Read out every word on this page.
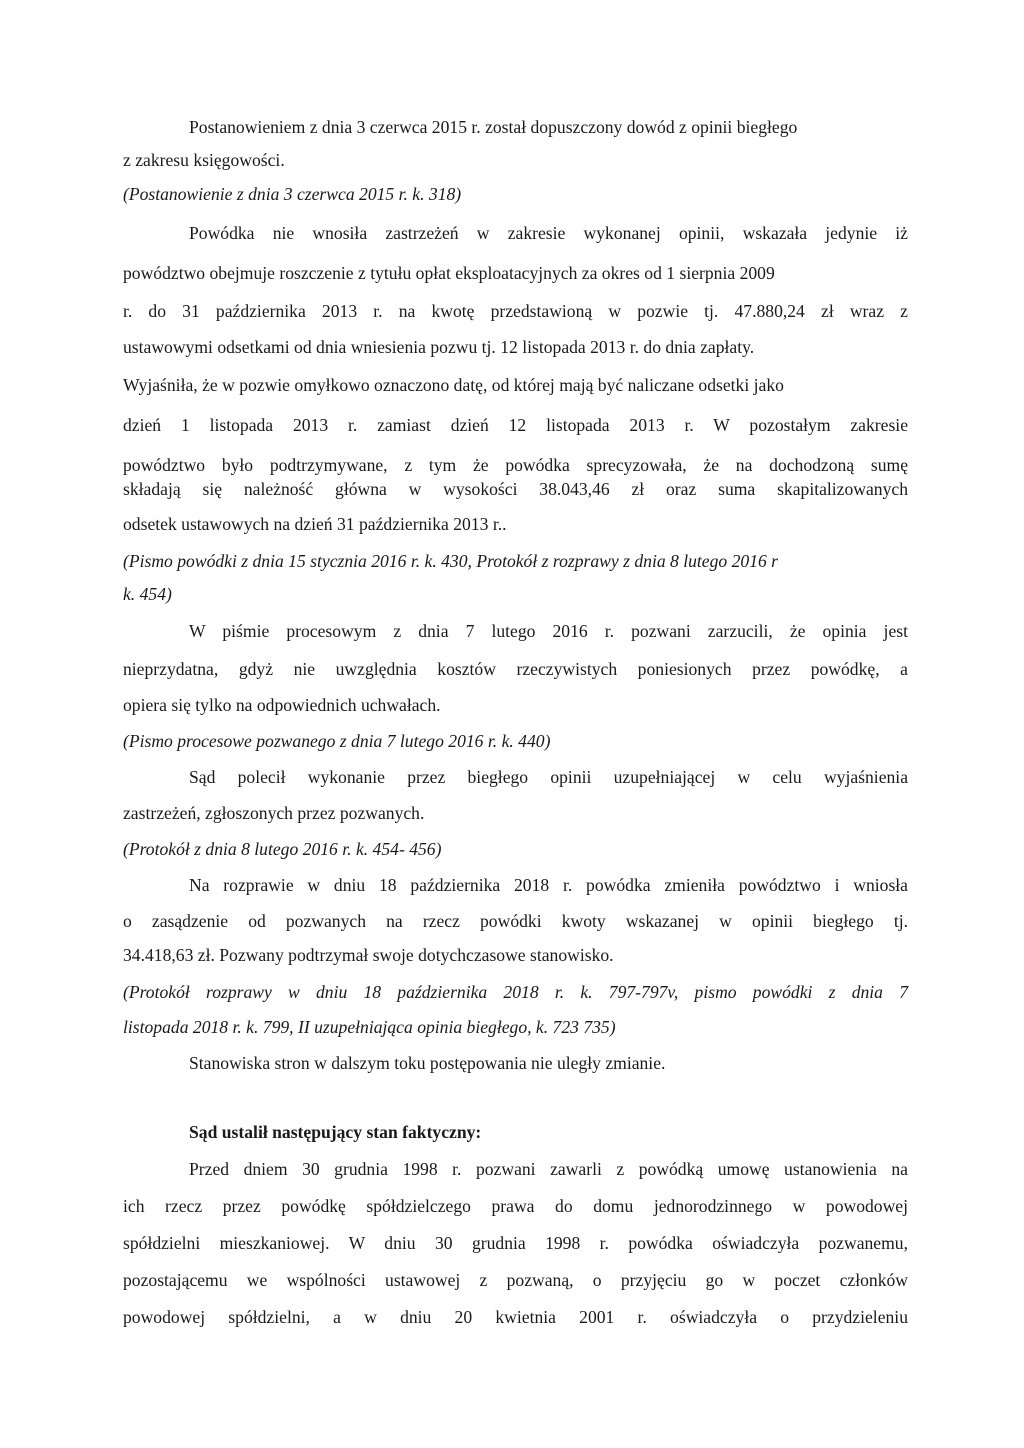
Postanowieniem z dnia 3 czerwca 2015 r. został dopuszczony dowód z opinii biegłego
z zakresu księgowości.
(Postanowienie z dnia 3 czerwca 2015 r. k. 318)
Powódka nie wnosiła zastrzeżeń w zakresie wykonanej opinii, wskazała jedynie iż
powództwo obejmuje roszczenie z tytułu opłat eksploatacyjnych za okres od 1 sierpnia 2009
r. do 31 października 2013 r. na kwotę przedstawioną w pozwie tj. 47.880,24 zł wraz z
ustawowymi odsetkami od dnia wniesienia pozwu tj. 12 listopada 2013 r. do dnia zapłaty.
Wyjaśniła, że w pozwie omyłkowo oznaczono datę, od której mają być naliczane odsetki jako
dzień 1 listopada 2013 r. zamiast dzień 12 listopada 2013 r. W pozostałym zakresie
powództwo było podtrzymywane, z tym że powódka sprecyzowała, że na dochodzoną sumę
składają się należność główna w wysokości 38.043,46 zł oraz suma skapitalizowanych
odsetek ustawowych na dzień 31 października 2013 r..
(Pismo powódki z dnia 15 stycznia 2016 r. k. 430, Protokół z rozprawy z dnia 8 lutego 2016 r
k. 454)
W piśmie procesowym z dnia 7 lutego 2016 r. pozwani zarzucili, że opinia jest
nieprzydatna, gdyż nie uwzględnia kosztów rzeczywistych poniesionych przez powódkę, a
opiera się tylko na odpowiednich uchwałach.
(Pismo procesowe pozwanego z dnia 7 lutego 2016 r. k. 440)
Sąd polecił wykonanie przez biegłego opinii uzupełniającej w celu wyjaśnienia
zastrzeżeń, zgłoszonych przez pozwanych.
(Protokół z dnia 8 lutego 2016 r. k. 454- 456)
Na rozprawie w dniu 18 października 2018 r. powódka zmieniła powództwo i wniosła
o zasądzenie od pozwanych na rzecz powódki kwoty wskazanej w opinii biegłego tj.
34.418,63 zł. Pozwany podtrzymał swoje dotychczasowe stanowisko.
(Protokół rozprawy w dniu 18 października 2018 r. k. 797-797v, pismo powódki z dnia 7
listopada 2018 r. k. 799, II uzupełniająca opinia biegłego, k. 723 735)
Stanowiska stron w dalszym toku postępowania nie uległy zmianie.
Sąd ustalił następujący stan faktyczny:
Przed dniem 30 grudnia 1998 r. pozwani zawarli z powódką umowę ustanowienia na
ich rzecz przez powódkę spółdzielczego prawa do domu jednorodzinnego w powodowej
spółdzielni mieszkaniowej. W dniu 30 grudnia 1998 r. powódka oświadczyła pozwanemu,
pozostającemu we wspólności ustawowej z pozwaną, o przyjęciu go w poczet członków
powodowej spółdzielni, a w dniu 20 kwietnia 2001 r. oświadczyła o przydzieleniu
